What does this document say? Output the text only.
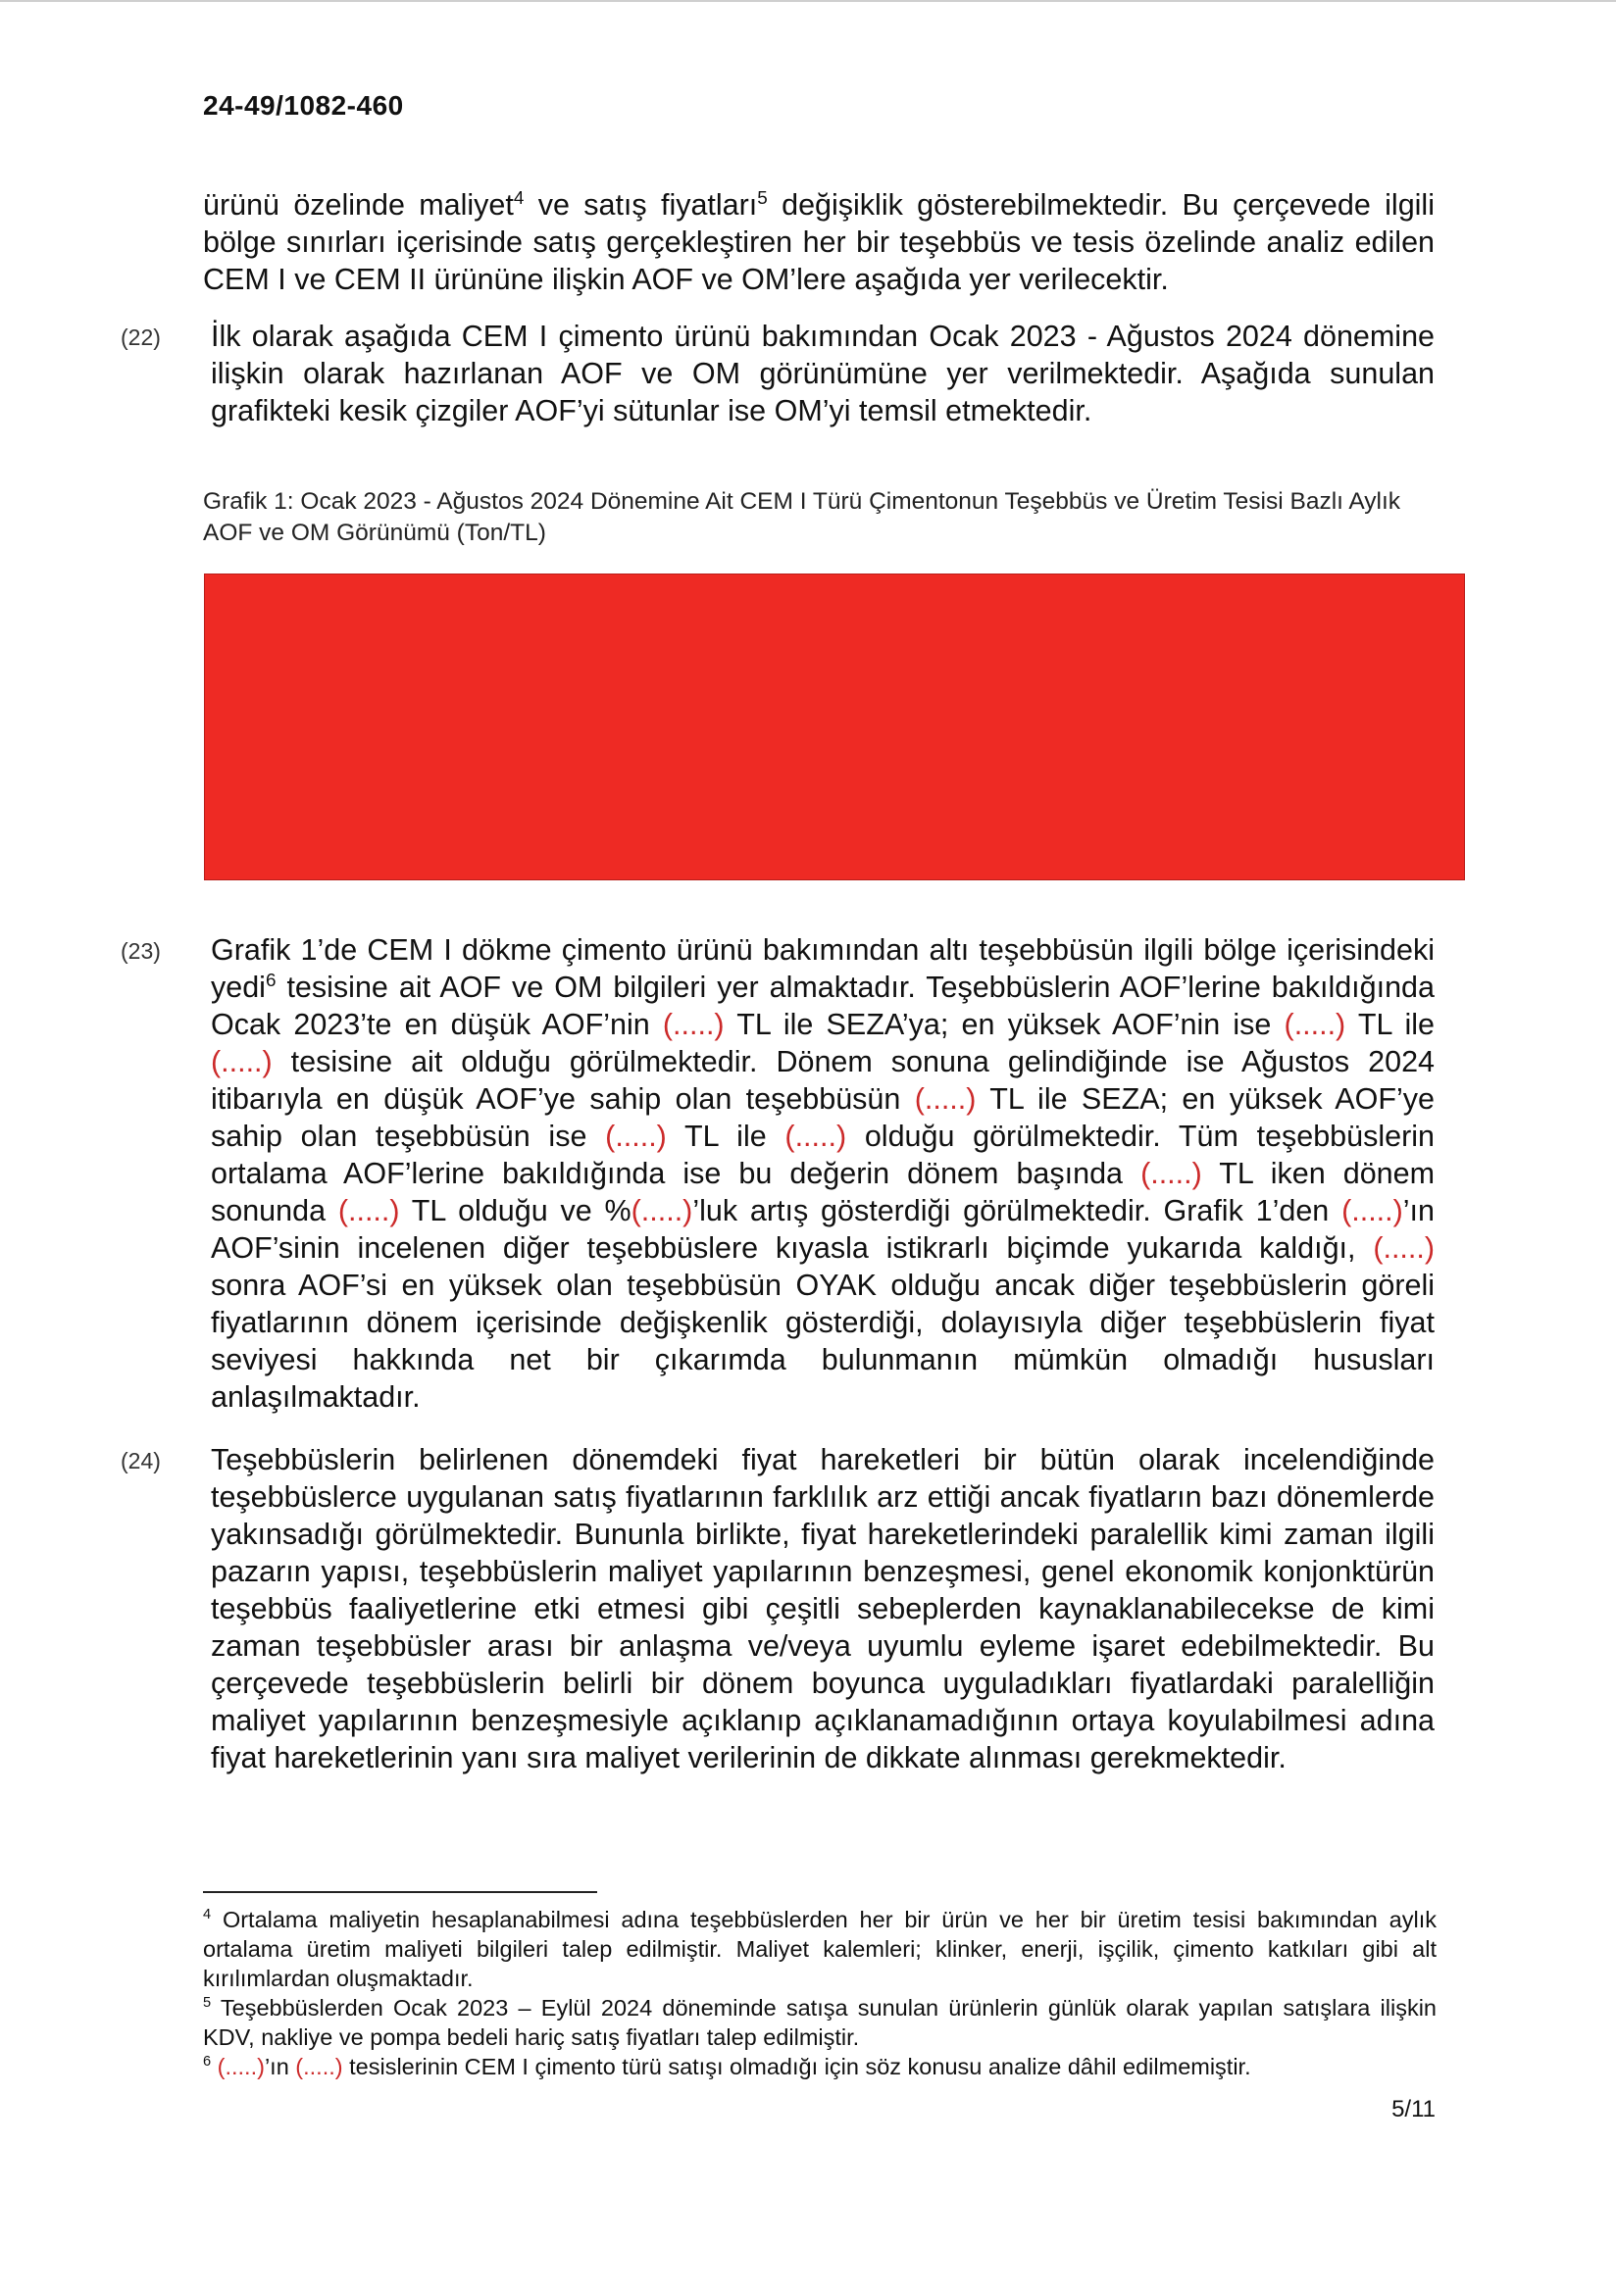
24-49/1082-460
ürünü özelinde maliyet$^4$ ve satış fiyatları$^5$ değişiklik gösterebilmektedir. Bu çerçevede ilgili bölge sınırları içerisinde satış gerçekleştiren her bir teşebbüs ve tesis özelinde analiz edilen CEM I ve CEM II ürününe ilişkin AOF ve OM’lere aşağıda yer verilecektir.
(22) İlk olarak aşağıda CEM I çimento ürünü bakımından Ocak 2023 - Ağustos 2024 dönemine ilişkin olarak hazırlanan AOF ve OM görünümüne yer verilmektedir. Aşağıda sunulan grafikteki kesik çizgiler AOF’yi sütunlar ise OM’yi temsil etmektedir.
Grafik 1: Ocak 2023 - Ağustos 2024 Dönemine Ait CEM I Türü Çimentonun Teşebbüs ve Üretim Tesisi Bazlı Aylık AOF ve OM Görünümü (Ton/TL)
(23) Grafik 1’de CEM I dökme çimento ürünü bakımından altı teşebbüsün ilgili bölge içerisindeki yedi$^6$ tesisine ait AOF ve OM bilgileri yer almaktadır. Teşebbüslerin AOF’lerine bakıldığında Ocak 2023’te en düşük AOF’nin (.....) TL ile SEZA’ya; en yüksek AOF’nin ise (.....) TL ile (.....) tesisine ait olduğu görülmektedir. Dönem sonuna gelindiğinde ise Ağustos 2024 itibarıyla en düşük AOF’ye sahip olan teşebbüsün (.....) TL ile SEZA; en yüksek AOF’ye sahip olan teşebbüsün ise (.....) TL ile (.....) olduğu görülmektedir. Tüm teşebbüslerin ortalama AOF’lerine bakıldığında ise bu değerin dönem başında (.....) TL iken dönem sonunda (.....) TL olduğu ve %(.....)’luk artış gösterdiği görülmektedir. Grafik 1’den (.....)’ın AOF’sinin incelenen diğer teşebbüslere kıyasla istikrarlı biçimde yukarıda kaldığı, (.....) sonra AOF’si en yüksek olan teşebbüsün OYAK olduğu ancak diğer teşebbüslerin göreli fiyatlarının dönem içerisinde değişkenlik gösterdiği, dolayısıyla diğer teşebbüslerin fiyat seviyesi hakkında net bir çıkarımda bulunmanın mümkün olmadığı hususları anlaşılmaktadır.
(24) Teşebbüslerin belirlenen dönemdeki fiyat hareketleri bir bütün olarak incelendiğinde teşebbüslerce uygulanan satış fiyatlarının farklılık arz ettiği ancak fiyatların bazı dönemlerde yakınsadığı görülmektedir. Bununla birlikte, fiyat hareketlerindeki paralellik kimi zaman ilgili pazarın yapısı, teşebbüslerin maliyet yapılarının benzeşmesi, genel ekonomik konjonktürün teşebbüs faaliyetlerine etki etmesi gibi çeşitli sebeplerden kaynaklanabilecekse de kimi zaman teşebbüsler arası bir anlaşma ve/veya uyumlu eyleme işaret edebilmektedir. Bu çerçevede teşebbüslerin belirli bir dönem boyunca uyguladıkları fiyatlardaki paralelliğin maliyet yapılarının benzeşmesiyle açıklanıp açıklanamadığının ortaya koyulabilmesi adına fiyat hareketlerinin yanı sıra maliyet verilerinin de dikkate alınması gerekmektedir.

$^4$ Ortalama maliyetin hesaplanabilmesi adına teşebbüslerden her bir ürün ve her bir üretim tesisi bakımından aylık ortalama üretim maliyeti bilgileri talep edilmiştir. Maliyet kalemleri; klinker, enerji, işçilik, çimento katkıları gibi alt kırılımlardan oluşmaktadır.

$^5$ Teşebbüslerden Ocak 2023 – Eylül 2024 döneminde satışa sunulan ürünlerin günlük olarak yapılan satışlara ilişkin KDV, nakliye ve pompa bedeli hariç satış fiyatları talep edilmiştir.

$^6$ (.....)’ın (.....) tesislerinin CEM I çimento türü satışı olmadığı için söz konusu analize dâhil edilmemiştir.

5/11
